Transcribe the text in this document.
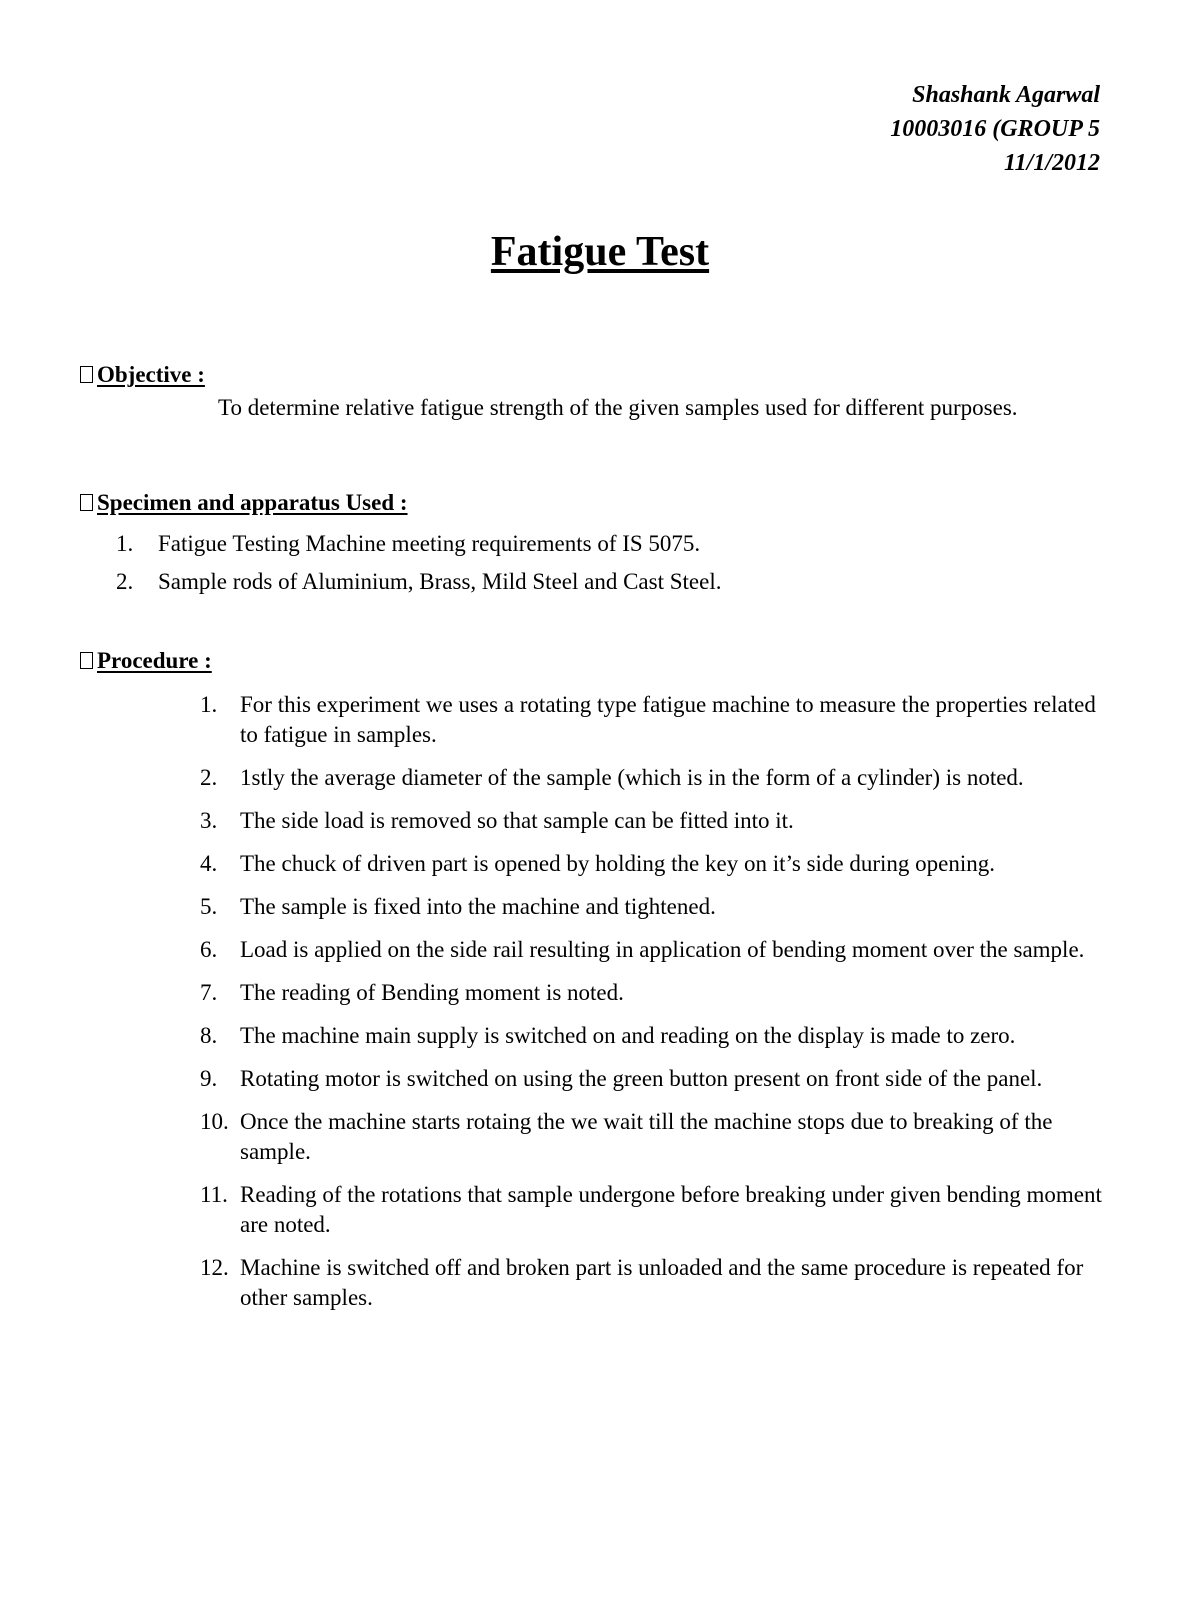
Shashank Agarwal
10003016 (GROUP 5
11/1/2012
Fatigue Test
Objective :
To determine relative fatigue strength of the given samples used for different purposes.
Specimen and apparatus Used :
1. Fatigue Testing Machine meeting requirements of IS 5075.
2. Sample rods of Aluminium, Brass, Mild Steel and Cast Steel.
Procedure :
1. For this experiment we uses a rotating type fatigue machine to measure the properties related to fatigue in samples.
2. 1stly the average diameter of the sample (which is in the form of a cylinder) is noted.
3. The side load is removed so that sample can be fitted into it.
4. The chuck of driven part is opened by holding the key on it’s side during opening.
5. The sample is fixed into the machine and tightened.
6. Load is applied on the side rail resulting in application of bending moment over the sample.
7. The reading of Bending moment is noted.
8. The machine main supply is switched on and reading on the display is made to zero.
9. Rotating motor is switched on using the green button present on front side of the panel.
10. Once the machine starts rotaing the we wait till the machine stops due to breaking of the sample.
11. Reading of the rotations that sample undergone before breaking under given bending moment are noted.
12. Machine is switched off and broken part is unloaded and the same procedure is repeated for other samples.
